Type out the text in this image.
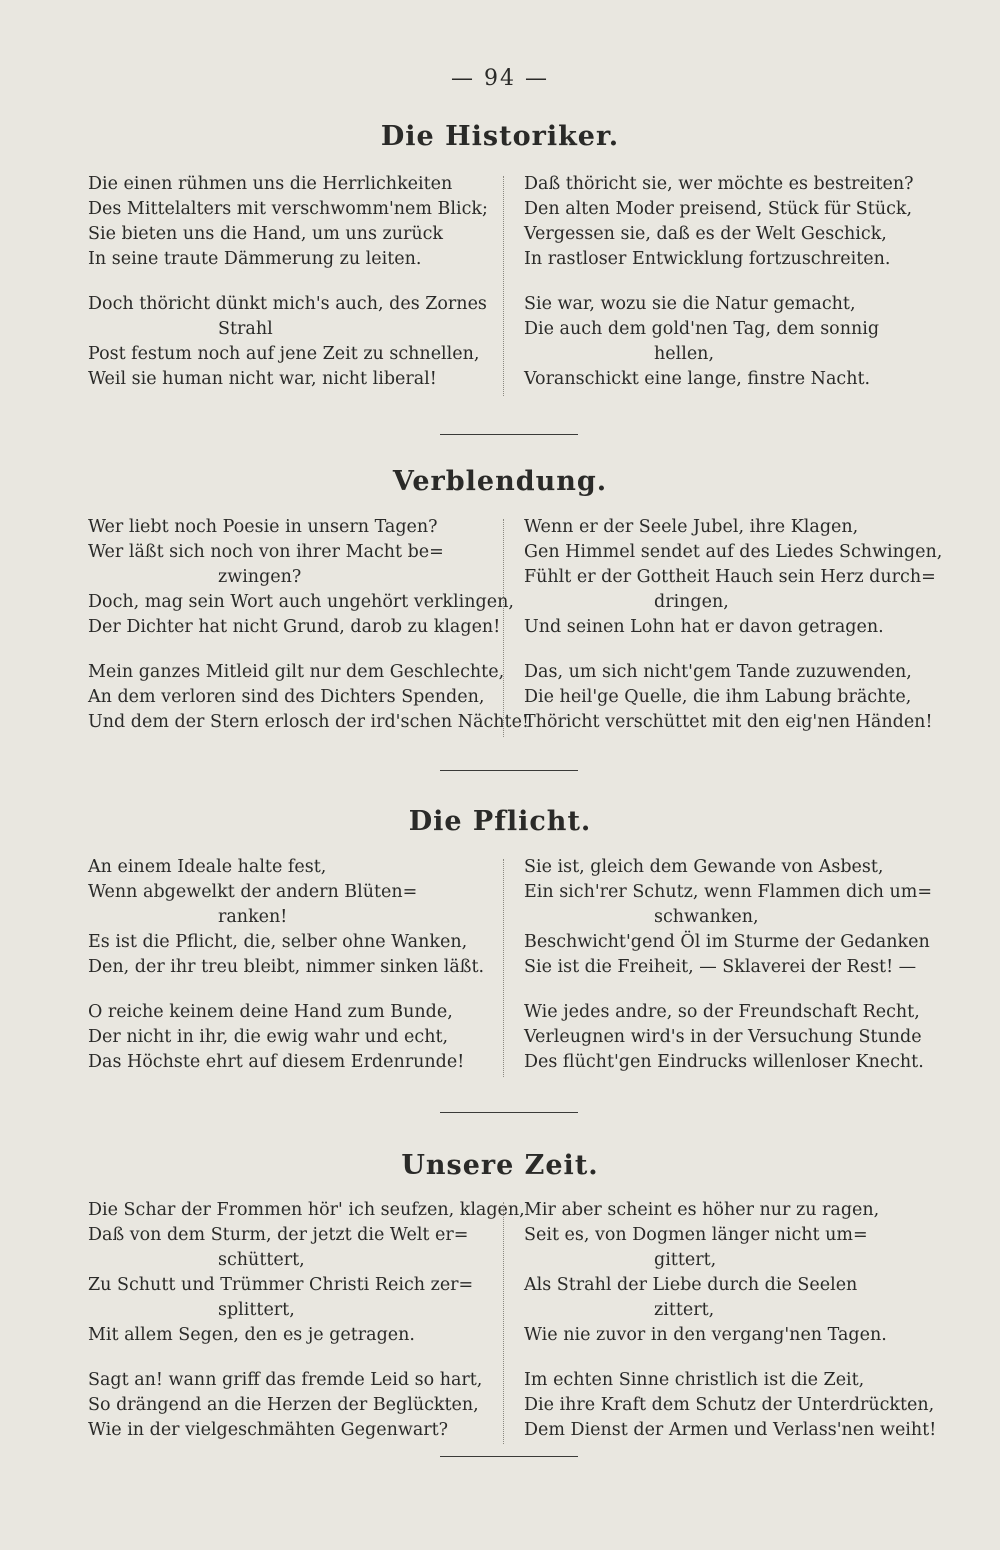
— 94 —
Die Historiker.
Die einen rühmen uns die Herrlichkeiten
Des Mittelalters mit verschwomm'nem Blick;
Sie bieten uns die Hand, um uns zurück
In seine traute Dämmerung zu leiten.
Doch thöricht dünkt mich's auch, des Zornes
Strahl
Post festum noch auf jene Zeit zu schnellen,
Weil sie human nicht war, nicht liberal!
Daß thöricht sie, wer möchte es bestreiten?
Den alten Moder preisend, Stück für Stück,
Vergessen sie, daß es der Welt Geschick,
In rastloser Entwicklung fortzuschreiten.
Sie war, wozu sie die Natur gemacht,
Die auch dem gold'nen Tag, dem sonnig
hellen,
Voranschickt eine lange, finstre Nacht.
Verblendung.
Wer liebt noch Poesie in unsern Tagen?
Wer läßt sich noch von ihrer Macht be=
zwingen?
Doch, mag sein Wort auch ungehört verklingen,
Der Dichter hat nicht Grund, darob zu klagen!
Mein ganzes Mitleid gilt nur dem Geschlechte,
An dem verloren sind des Dichters Spenden,
Und dem der Stern erlosch der ird'schen Nächte!
Wenn er der Seele Jubel, ihre Klagen,
Gen Himmel sendet auf des Liedes Schwingen,
Fühlt er der Gottheit Hauch sein Herz durch=
dringen,
Und seinen Lohn hat er davon getragen.
Das, um sich nicht'gem Tande zuzuwenden,
Die heil'ge Quelle, die ihm Labung brächte,
Thöricht verschüttet mit den eig'nen Händen!
Die Pflicht.
An einem Ideale halte fest,
Wenn abgewelkt der andern Blüten=
ranken!
Es ist die Pflicht, die, selber ohne Wanken,
Den, der ihr treu bleibt, nimmer sinken läßt.
O reiche keinem deine Hand zum Bunde,
Der nicht in ihr, die ewig wahr und echt,
Das Höchste ehrt auf diesem Erdenrunde!
Sie ist, gleich dem Gewande von Asbest,
Ein sich'rer Schutz, wenn Flammen dich um=
schwanken,
Beschwicht'gend Öl im Sturme der Gedanken
Sie ist die Freiheit, — Sklaverei der Rest! —
Wie jedes andre, so der Freundschaft Recht,
Verleugnen wird's in der Versuchung Stunde
Des flücht'gen Eindrucks willenloser Knecht.
Unsere Zeit.
Die Schar der Frommen hör' ich seufzen, klagen,
Daß von dem Sturm, der jetzt die Welt er=
schüttert,
Zu Schutt und Trümmer Christi Reich zer=
splittert,
Mit allem Segen, den es je getragen.
Sagt an! wann griff das fremde Leid so hart,
So drängend an die Herzen der Beglückten,
Wie in der vielgeschmähten Gegenwart?
Mir aber scheint es höher nur zu ragen,
Seit es, von Dogmen länger nicht um=
gittert,
Als Strahl der Liebe durch die Seelen
zittert,
Wie nie zuvor in den vergang'nen Tagen.
Im echten Sinne christlich ist die Zeit,
Die ihre Kraft dem Schutz der Unterdrückten,
Dem Dienst der Armen und Verlass'nen weiht!
